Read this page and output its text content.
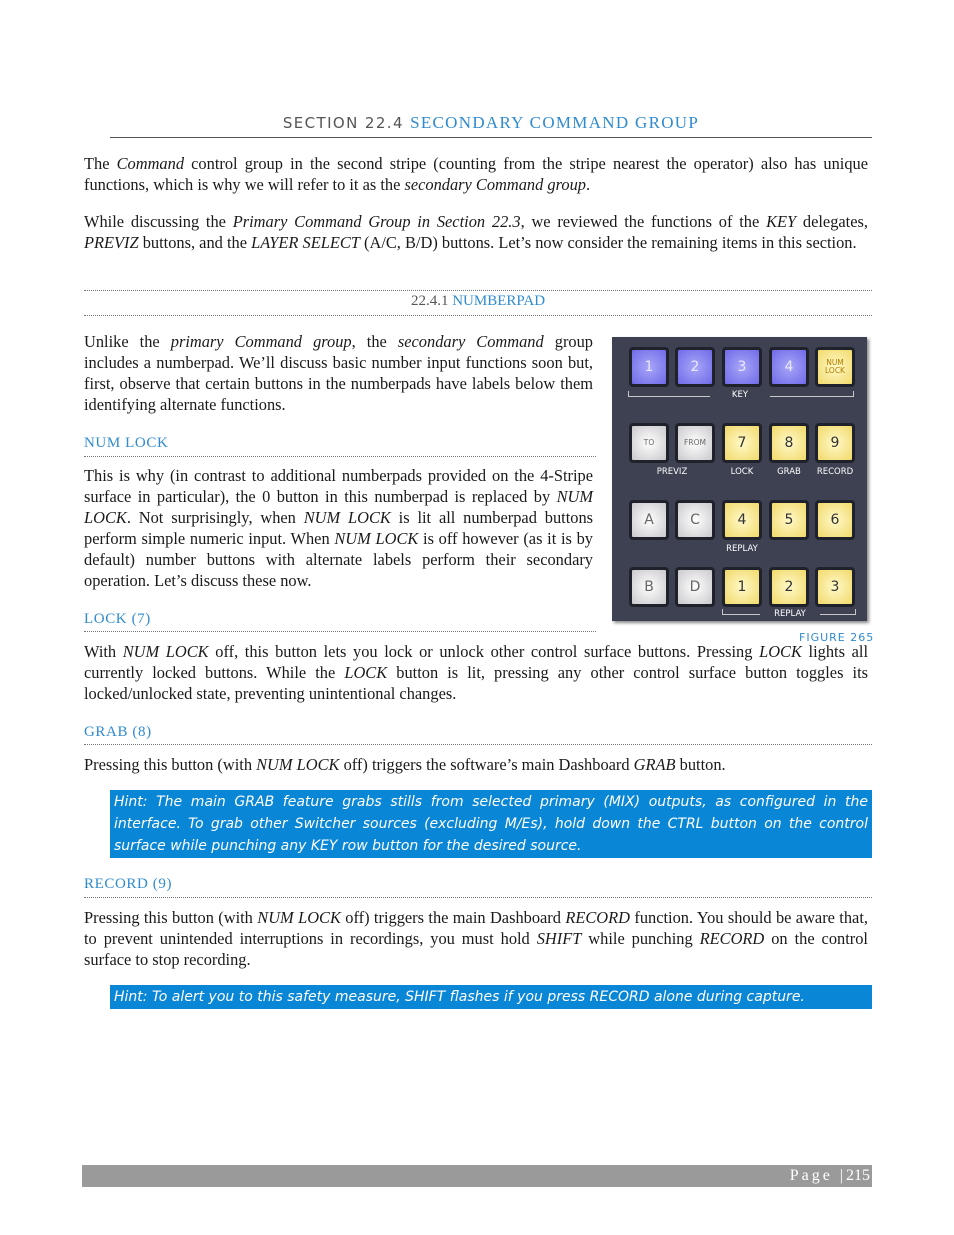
SECTION 22.4 SECONDARY COMMAND GROUP

The Command control group in the second stripe (counting from the stripe nearest the operator) also has unique functions, which is why we will refer to it as the secondary Command group.

While discussing the Primary Command Group in Section 22.3, we reviewed the functions of the KEY delegates, PREVIZ buttons, and the LAYER SELECT (A/C, B/D) buttons. Let’s now consider the remaining items in this section.

22.4.1 NUMBERPAD

Unlike the primary Command group, the secondary Command group includes a numberpad. We’ll discuss basic number input functions soon but, first, observe that certain buttons in the numberpads have labels below them identifying alternate functions.

NUM LOCK

This is why (in contrast to additional numberpads provided on the 4-Stripe surface in particular), the 0 button in this numberpad is replaced by NUM LOCK. Not surprisingly, when NUM LOCK is lit all numberpad buttons perform simple numeric input. When NUM LOCK is off however (as it is by default) number buttons with alternate labels perform their secondary operation. Let’s discuss these now.

LOCK (7)

With NUM LOCK off, this button lets you lock or unlock other control surface buttons. Pressing LOCK lights all currently locked buttons. While the LOCK button is lit, pressing any other control surface button toggles its locked/unlocked state, preventing unintentional changes.

GRAB (8)

Pressing this button (with NUM LOCK off) triggers the software’s main Dashboard GRAB button.

Hint: The main GRAB feature grabs stills from selected primary (MIX) outputs, as configured in the interface. To grab other Switcher sources (excluding M/Es), hold down the CTRL button on the control surface while punching any KEY row button for the desired source.
RECORD (9)

Pressing this button (with NUM LOCK off) triggers the main Dashboard RECORD function. You should be aware that, to prevent unintended interruptions in recordings, you must hold SHIFT while punching RECORD on the control surface to stop recording.

Hint: To alert you to this safety measure, SHIFT flashes if you press RECORD alone during capture.
1	2	3	4	NUM
LOCK
KEY
TO	FROM	7	8	9
PREVIZ	LOCK	GRAB	RECORD
A	C	4	5	6
REPLAY
B	D	1	2	3
REPLAY
FIGURE 265
Page |215
